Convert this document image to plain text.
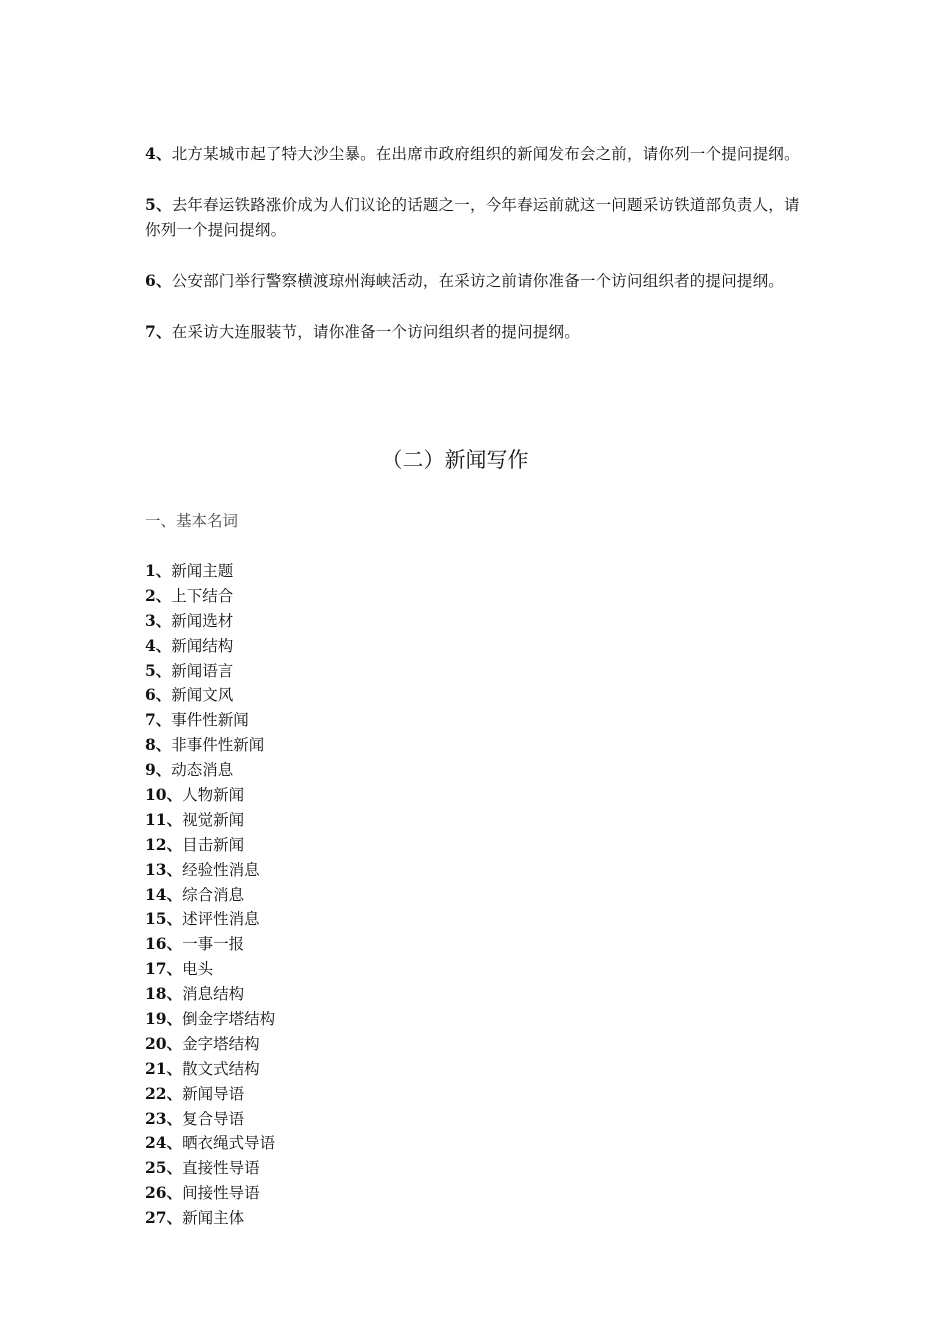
4、北方某城市起了特大沙尘暴。在出席市政府组织的新闻发布会之前，请你列一个提问提纲。

5、去年春运铁路涨价成为人们议论的话题之一，今年春运前就这一问题采访铁道部负责人，请你列一个提问提纲。

6、公安部门举行警察横渡琼州海峡活动，在采访之前请你准备一个访问组织者的提问提纲。

7、在采访大连服装节，请你准备一个访问组织者的提问提纲。

（二）新闻写作
一、基本名词
1、新闻主题
2、上下结合
3、新闻选材
4、新闻结构
5、新闻语言
6、新闻文风
7、事件性新闻
8、非事件性新闻
9、动态消息
10、人物新闻
11、视觉新闻
12、目击新闻
13、经验性消息
14、综合消息
15、述评性消息
16、一事一报
17、电头
18、消息结构
19、倒金字塔结构
20、金字塔结构
21、散文式结构
22、新闻导语
23、复合导语
24、晒衣绳式导语
25、直接性导语
26、间接性导语
27、新闻主体
